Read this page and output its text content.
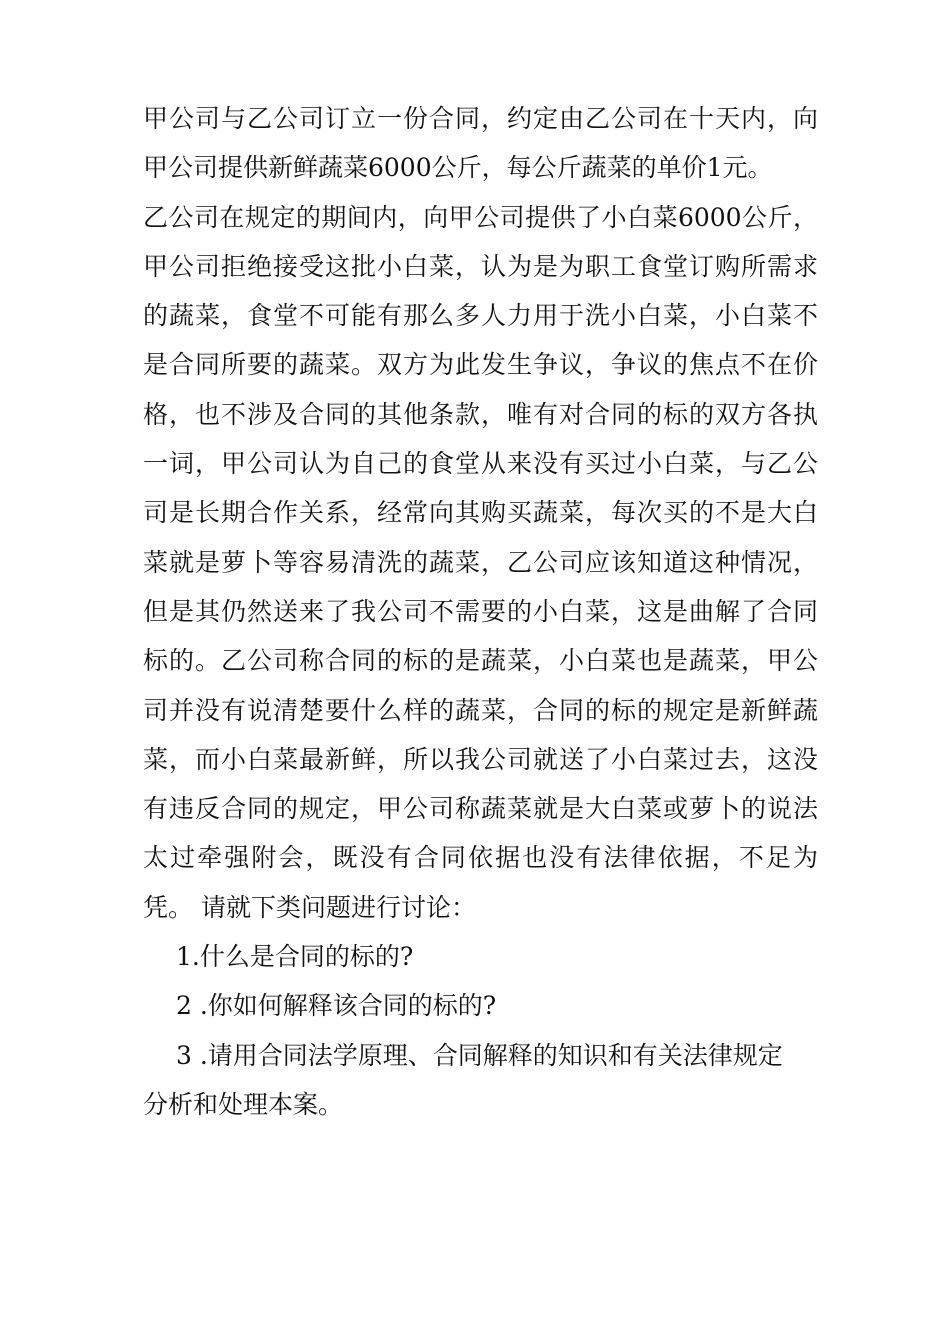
甲公司与乙公司订立一份合同，约定由乙公司在十天内，向
甲公司提供新鲜蔬菜6000公斤，每公斤蔬菜的单价1元。
乙公司在规定的期间内，向甲公司提供了小白菜6000公斤，
甲公司拒绝接受这批小白菜，认为是为职工食堂订购所需求
的蔬菜，食堂不可能有那么多人力用于洗小白菜，小白菜不
是合同所要的蔬菜。双方为此发生争议，争议的焦点不在价
格，也不涉及合同的其他条款，唯有对合同的标的双方各执
一词，甲公司认为自己的食堂从来没有买过小白菜，与乙公
司是长期合作关系，经常向其购买蔬菜，每次买的不是大白
菜就是萝卜等容易清洗的蔬菜，乙公司应该知道这种情况，
但是其仍然送来了我公司不需要的小白菜，这是曲解了合同
标的。乙公司称合同的标的是蔬菜，小白菜也是蔬菜，甲公
司并没有说清楚要什么样的蔬菜，合同的标的规定是新鲜蔬
菜，而小白菜最新鲜，所以我公司就送了小白菜过去，这没
有违反合同的规定，甲公司称蔬菜就是大白菜或萝卜的说法
太过牵强附会，既没有合同依据也没有法律依据，不足为
凭。 请就下类问题进行讨论：
1.什么是合同的标的?
2 .你如何解释该合同的标的?
3 .请用合同法学原理、合同解释的知识和有关法律规定
分析和处理本案。
